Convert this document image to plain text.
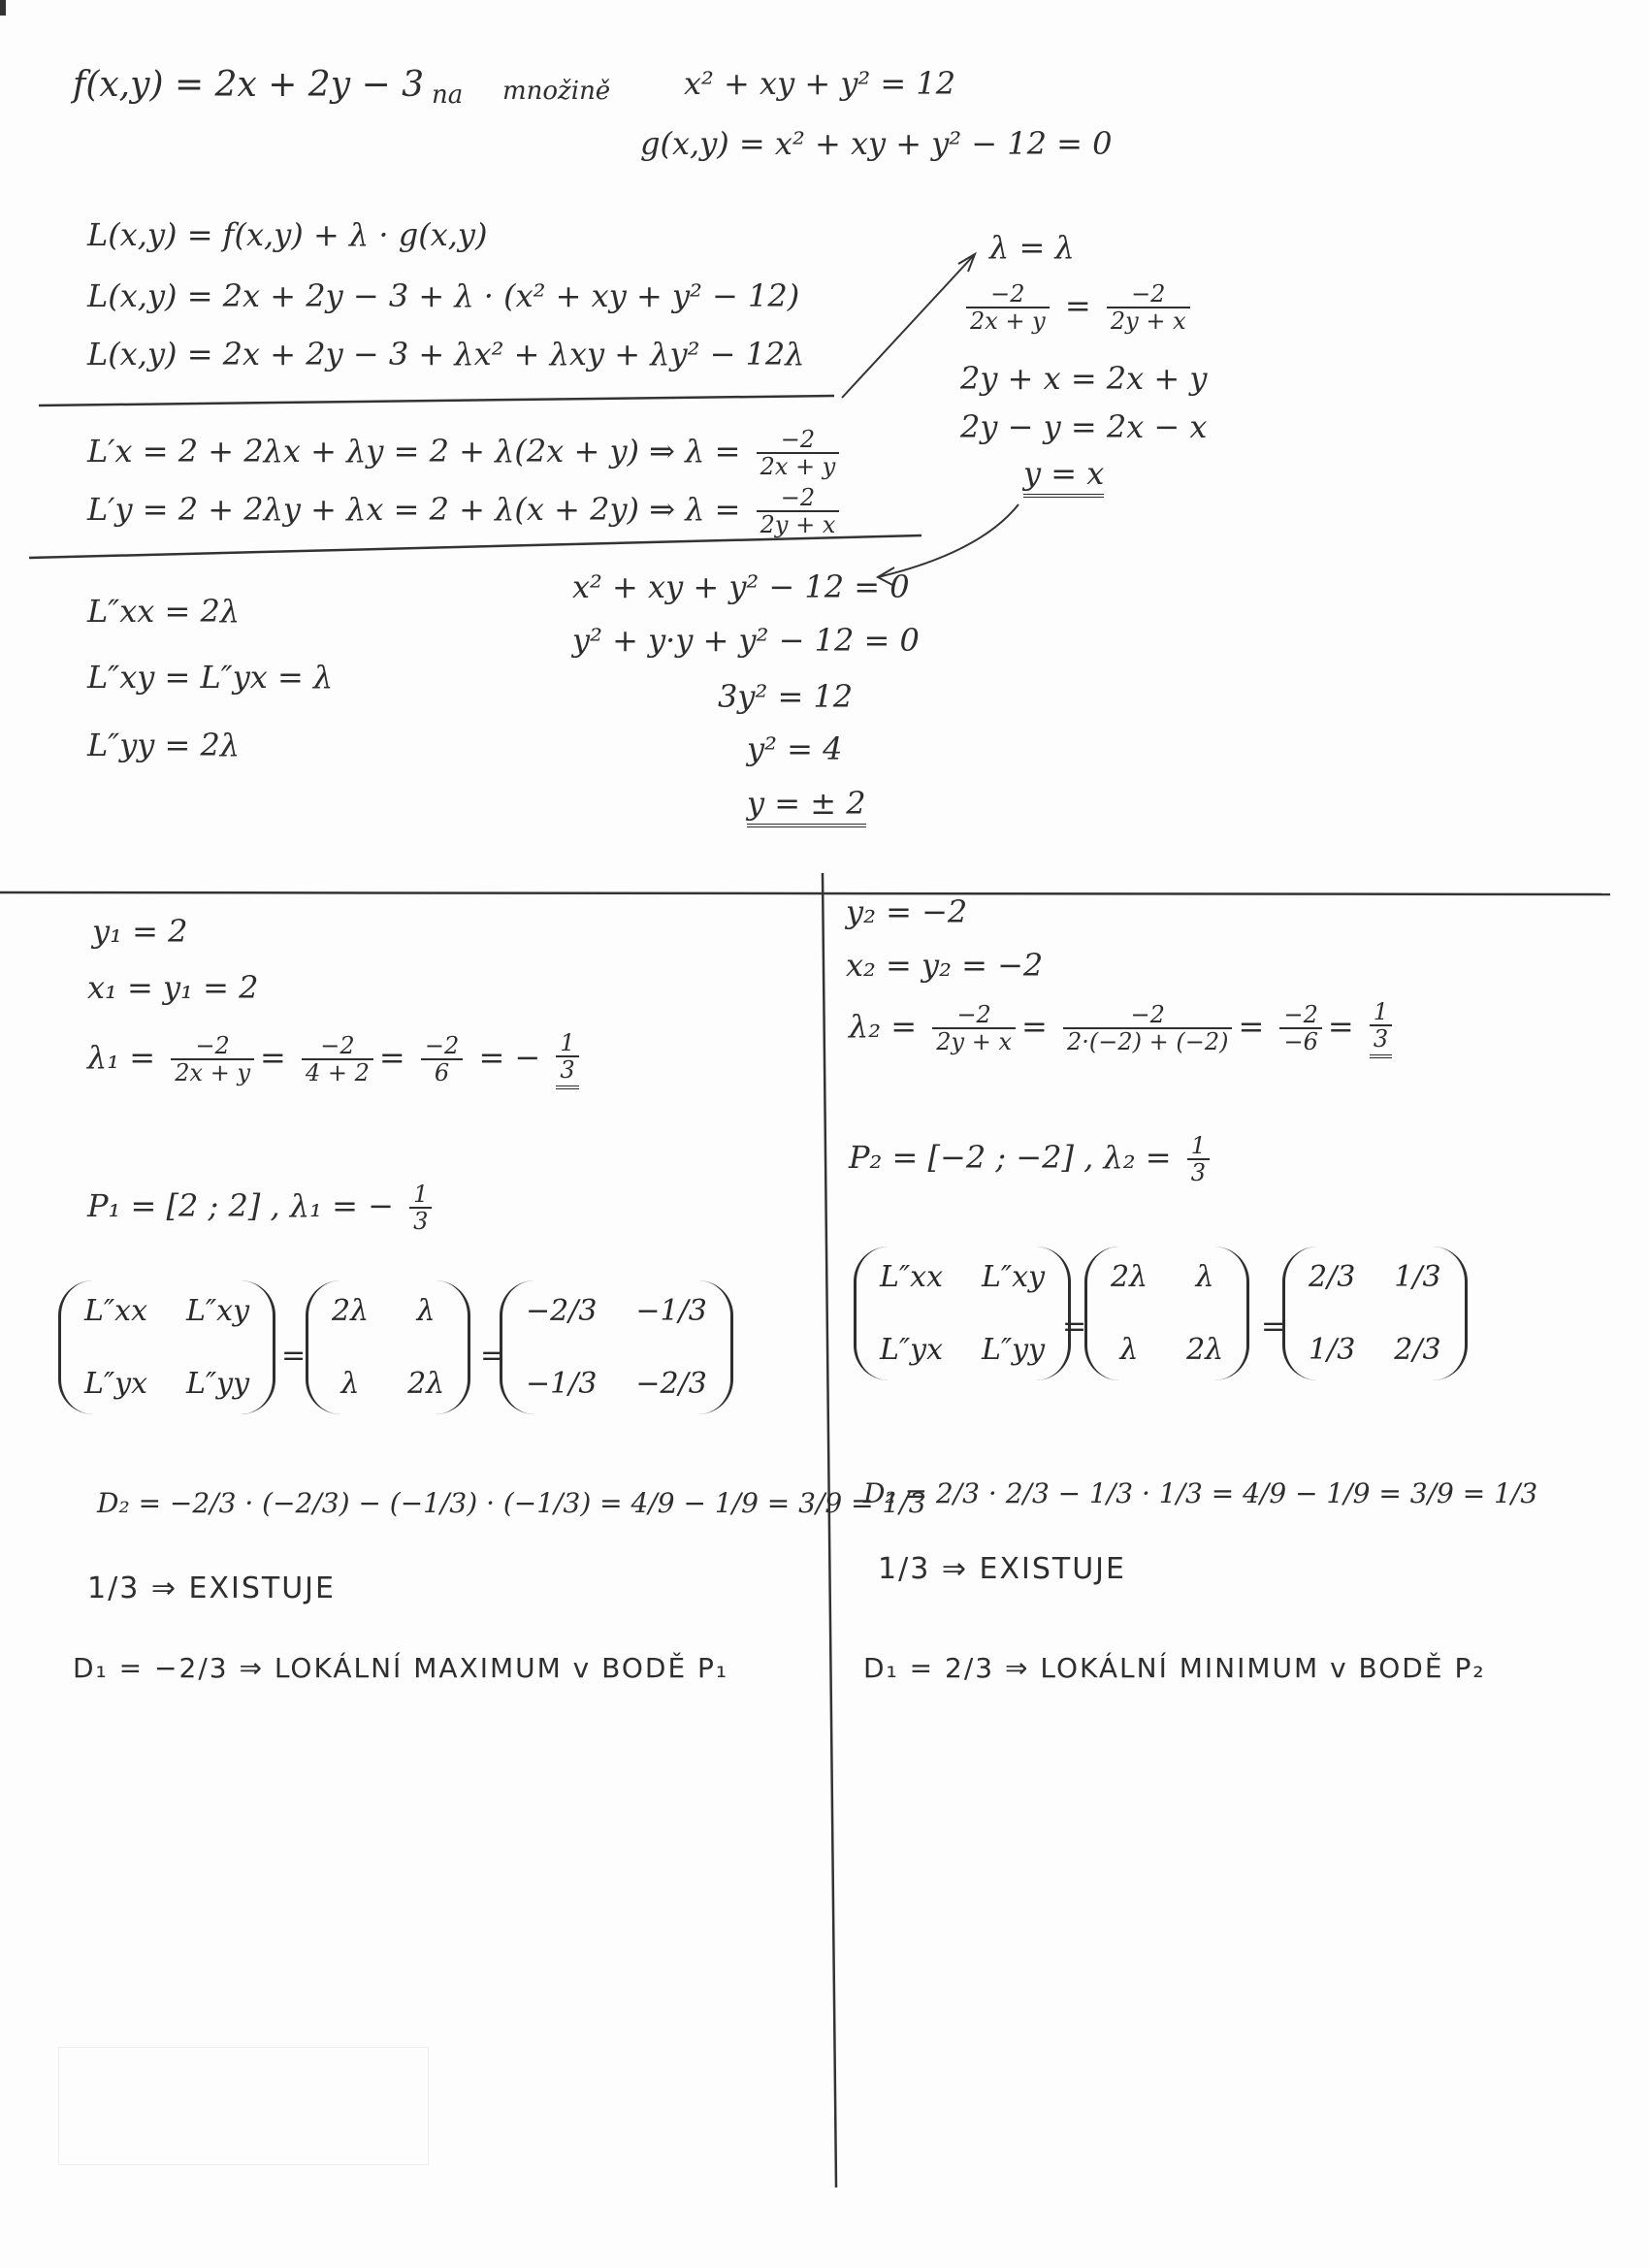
f(x,y) = 2x + 2y − 3 na množině x² + xy + y² = 12
g(x,y) = x² + xy + y² − 12 = 0
L(x,y) = f(x,y) + λ · g(x,y)
L(x,y) = 2x + 2y − 3 + λ · (x² + xy + y² − 12)
L(x,y) = 2x + 2y − 3 + λx² + λxy + λy² − 12λ
L′x = 2 + 2λx + λy = 2 + λ(2x + y) ⇒ $\lambda = \frac{-2}{2x + y}$
L′y = 2 + 2λy + λx = 2 + λ(x + 2y) ⇒ $\lambda = \frac{-2}{2y + x}$
λ = λ
$\frac{-2}{2x + y} = \frac{-2}{2y + x}$
2y + x = 2x + y
2y − y = 2x − x
y = x
L″xx = 2λ
L″xy = L″yx = λ
L″yy = 2λ
x² + xy + y² − 12 = 0
y² + y·y + y² − 12 = 0
3y² = 12
y² = 4
y = ± 2
y₁ = 2
x₁ = y₁ = 2
$\lambda_1 = \frac{-2}{2x + y} = \frac{-2}{4 + 2} = \frac{-2}{6}$ = − $\frac{1}{3}$
P₁ = [2 ; 2] , λ₁ = − $\frac{1}{3}$
L″xx L″xy
L″yx L″yy
=
2λ λ
λ 2λ
=
−2/3 −1/3
−1/3 −2/3
D₂ = −2/3 · (−2/3) − (−1/3) · (−1/3) = 4/9 − 1/9 = 3/9 = 1/3
1/3 ⇒ EXISTUJE
D₁ = −2/3 ⇒ LOKÁLNÍ MAXIMUM v BODĚ P₁
y₂ = −2
x₂ = y₂ = −2
$\lambda_2 = \frac{-2}{2y + x} = \frac{-2}{2\cdot(-2) + (-2)} = \frac{-2}{-6} = \frac{1}{3}$
P₂ = [−2 ; −2] , $\lambda_2 = \frac{1}{3}$
L″xx L″xy
L″yx L″yy
=
2λ λ
λ 2λ
=
2/3 1/3
1/3 2/3
D₂ = 2/3 · 2/3 − 1/3 · 1/3 = 4/9 − 1/9 = 3/9 = 1/3
1/3 ⇒ EXISTUJE
D₁ = 2/3 ⇒ LOKÁLNÍ MINIMUM v BODĚ P₂
